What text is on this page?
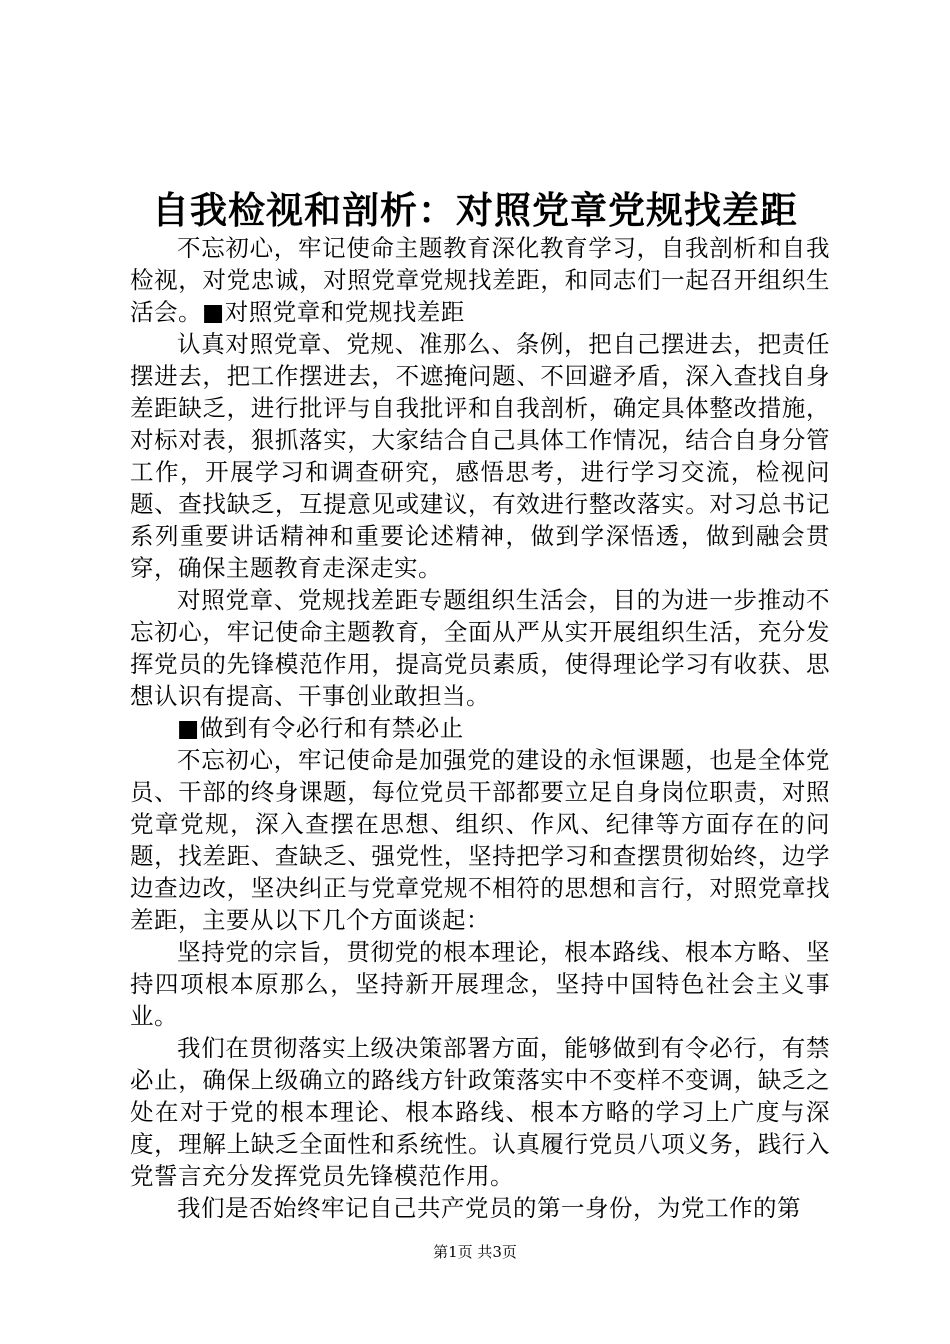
自我检视和剖析：对照党章党规找差距

不忘初心，牢记使命主题教育深化教育学习，自我剖析和自我检视，对党忠诚，对照党章党规找差距，和同志们一起召开组织生活会。■对照党章和党规找差距

认真对照党章、党规、准那么、条例，把自己摆进去，把责任摆进去，把工作摆进去，不遮掩问题、不回避矛盾，深入查找自身差距缺乏，进行批评与自我批评和自我剖析，确定具体整改措施，对标对表，狠抓落实，大家结合自己具体工作情况，结合自身分管工作，开展学习和调查研究，感悟思考，进行学习交流，检视问题、查找缺乏，互提意见或建议，有效进行整改落实。对习总书记系列重要讲话精神和重要论述精神，做到学深悟透，做到融会贯穿，确保主题教育走深走实。

对照党章、党规找差距专题组织生活会，目的为进一步推动不忘初心，牢记使命主题教育，全面从严从实开展组织生活，充分发挥党员的先锋模范作用，提高党员素质，使得理论学习有收获、思想认识有提高、干事创业敢担当。

■做到有令必行和有禁必止

不忘初心，牢记使命是加强党的建设的永恒课题，也是全体党员、干部的终身课题，每位党员干部都要立足自身岗位职责，对照党章党规，深入查摆在思想、组织、作风、纪律等方面存在的问题，找差距、查缺乏、强党性，坚持把学习和查摆贯彻始终，边学边查边改，坚决纠正与党章党规不相符的思想和言行，对照党章找差距，主要从以下几个方面谈起：

坚持党的宗旨，贯彻党的根本理论，根本路线、根本方略、坚持四项根本原那么，坚持新开展理念，坚持中国特色社会主义事业。

我们在贯彻落实上级决策部署方面，能够做到有令必行，有禁必止，确保上级确立的路线方针政策落实中不变样不变调，缺乏之处在对于党的根本理论、根本路线、根本方略的学习上广度与深度，理解上缺乏全面性和系统性。认真履行党员八项义务，践行入党誓言充分发挥党员先锋模范作用。

我们是否始终牢记自己共产党员的第一身份，为党工作的第

第1页 共3页
